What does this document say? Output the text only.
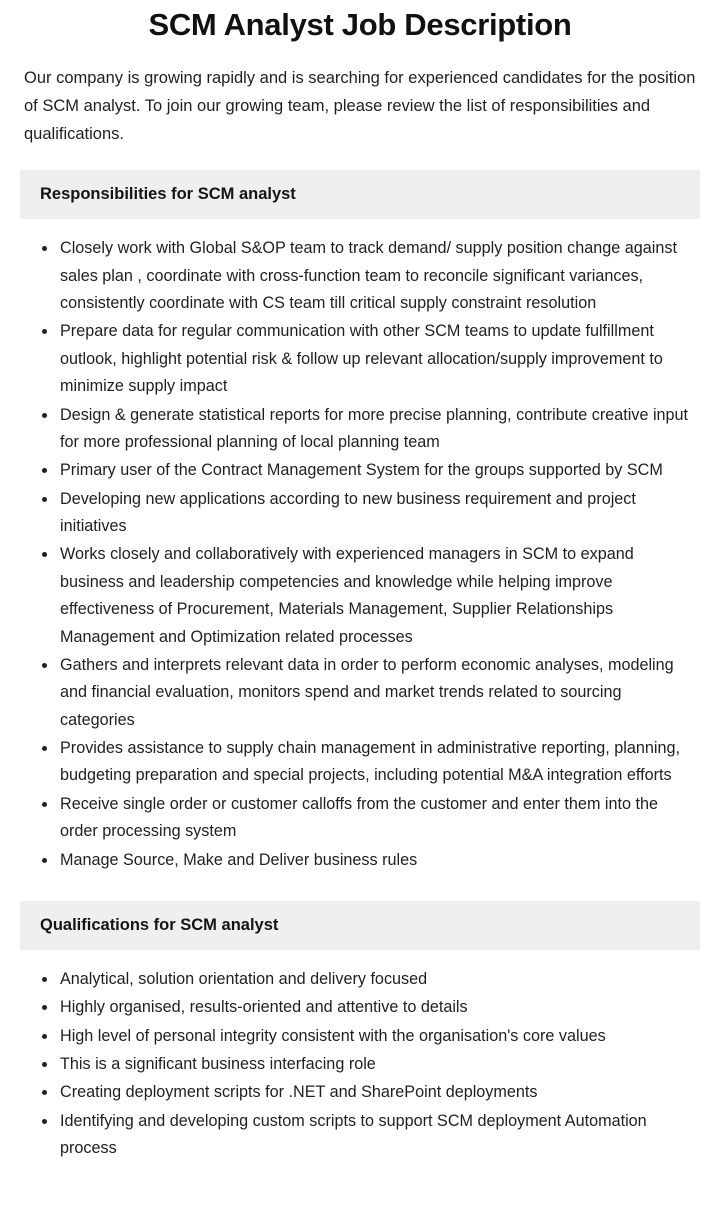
SCM Analyst Job Description

Our company is growing rapidly and is searching for experienced candidates for the position of SCM analyst. To join our growing team, please review the list of responsibilities and qualifications.

Responsibilities for SCM analyst
Closely work with Global S&OP team to track demand/ supply position change against sales plan , coordinate with cross-function team to reconcile significant variances, consistently coordinate with CS team till critical supply constraint resolution
Prepare data for regular communication with other SCM teams to update fulfillment outlook, highlight potential risk & follow up relevant allocation/supply improvement to minimize supply impact
Design & generate statistical reports for more precise planning, contribute creative input for more professional planning of local planning team
Primary user of the Contract Management System for the groups supported by SCM
Developing new applications according to new business requirement and project initiatives
Works closely and collaboratively with experienced managers in SCM to expand business and leadership competencies and knowledge while helping improve effectiveness of Procurement, Materials Management, Supplier Relationships Management and Optimization related processes
Gathers and interprets relevant data in order to perform economic analyses, modeling and financial evaluation, monitors spend and market trends related to sourcing categories
Provides assistance to supply chain management in administrative reporting, planning, budgeting preparation and special projects, including potential M&A integration efforts
Receive single order or customer calloffs from the customer and enter them into the order processing system
Manage Source, Make and Deliver business rules
Qualifications for SCM analyst
Analytical, solution orientation and delivery focused
Highly organised, results-oriented and attentive to details
High level of personal integrity consistent with the organisation's core values
This is a significant business interfacing role
Creating deployment scripts for .NET and SharePoint deployments
Identifying and developing custom scripts to support SCM deployment Automation process
